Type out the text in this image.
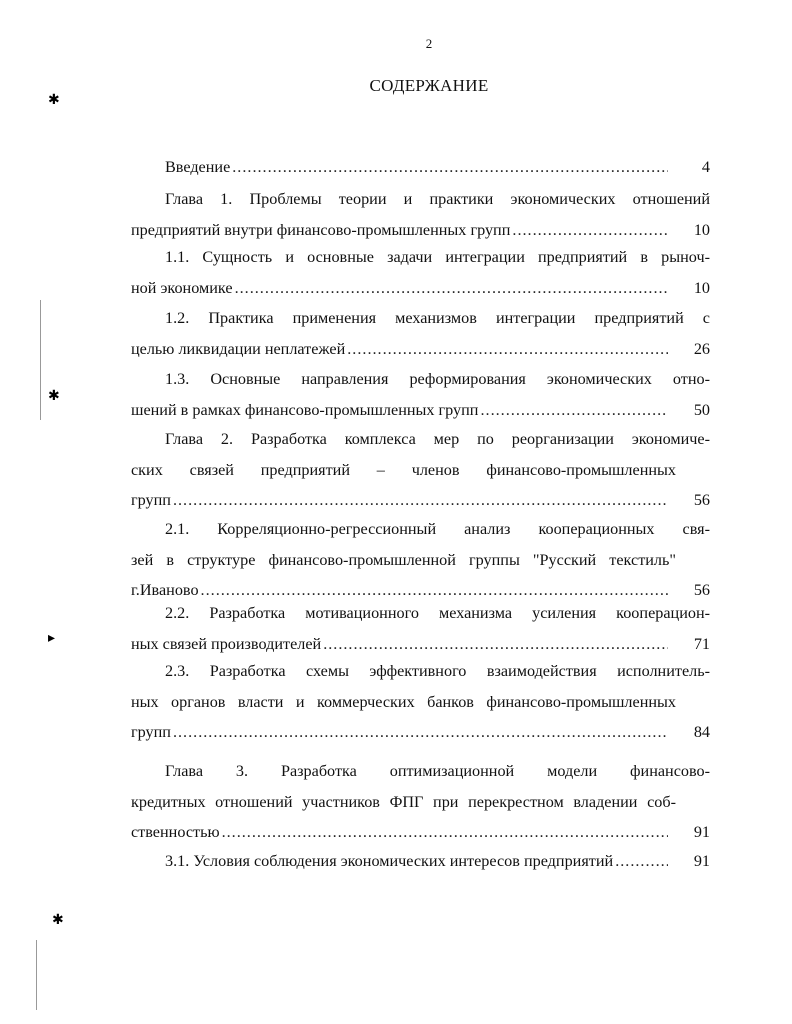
2
СОДЕРЖАНИЕ
Введение .....	4
Глава 1. Проблемы теории и практики экономических отношений
предприятий внутри финансово-промышленных групп .....	10
1.1. Сущность и основные задачи интеграции предприятий в рыноч-
ной экономике .....	10
1.2. Практика применения механизмов интеграции предприятий с
целью ликвидации неплатежей .....	26
1.3. Основные направления реформирования экономических отно-
шений в рамках финансово-промышленных групп .....	50
Глава 2. Разработка комплекса мер по реорганизации экономиче-
ских связей предприятий – членов финансово-промышленных
групп .....	56
2.1. Корреляционно-регрессионный анализ кооперационных свя-
зей в структуре финансово-промышленной группы "Русский текстиль"
г.Иваново .....	56
2.2. Разработка мотивационного механизма усиления кооперацион-
ных связей производителей .....	71
2.3. Разработка схемы эффективного взаимодействия исполнитель-
ных органов власти и коммерческих банков финансово-промышленных
групп .....	84
Глава 3. Разработка оптимизационной модели финансово-
кредитных отношений участников ФПГ при перекрестном владении соб-
ственностью .....	91
3.1. Условия соблюдения экономических интересов предприятий .....	91
✱
✱
▸
✱
